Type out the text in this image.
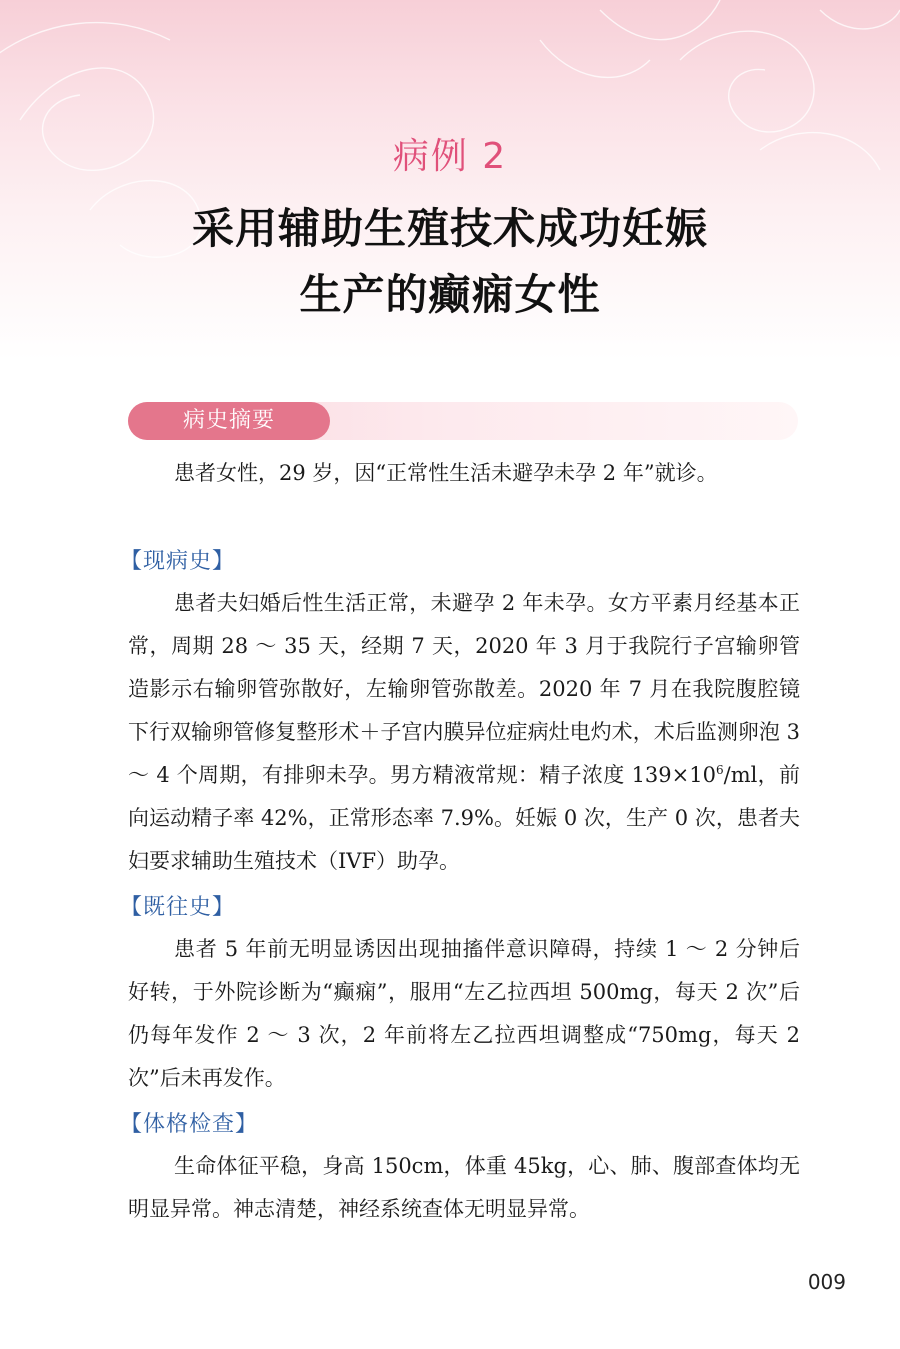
病例 2
采用辅助生殖技术成功妊娠
生产的癫痫女性
病史摘要

患者女性，29 岁，因“正常性生活未避孕未孕 2 年”就诊。

【现病史】

患者夫妇婚后性生活正常，未避孕 2 年未孕。女方平素月经基本正常，周期 28 ～ 35 天，经期 7 天，2020 年 3 月于我院行子宫输卵管造影示右输卵管弥散好，左输卵管弥散差。2020 年 7 月在我院腹腔镜下行双输卵管修复整形术＋子宫内膜异位症病灶电灼术，术后监测卵泡 3 ～ 4 个周期，有排卵未孕。男方精液常规：精子浓度 $139\times 10^6/ml$，前向运动精子率 42%，正常形态率 7.9%。妊娠 0 次，生产 0 次，患者夫妇要求辅助生殖技术（IVF）助孕。

【既往史】

患者 5 年前无明显诱因出现抽搐伴意识障碍，持续 1 ～ 2 分钟后好转，于外院诊断为“癫痫”，服用“左乙拉西坦 500mg，每天 2 次”后仍每年发作 2 ～ 3 次，2 年前将左乙拉西坦调整成“750mg，每天 2 次”后未再发作。

【体格检查】

生命体征平稳，身高 150cm，体重 45kg，心、肺、腹部查体均无明显异常。神志清楚，神经系统查体无明显异常。

009
